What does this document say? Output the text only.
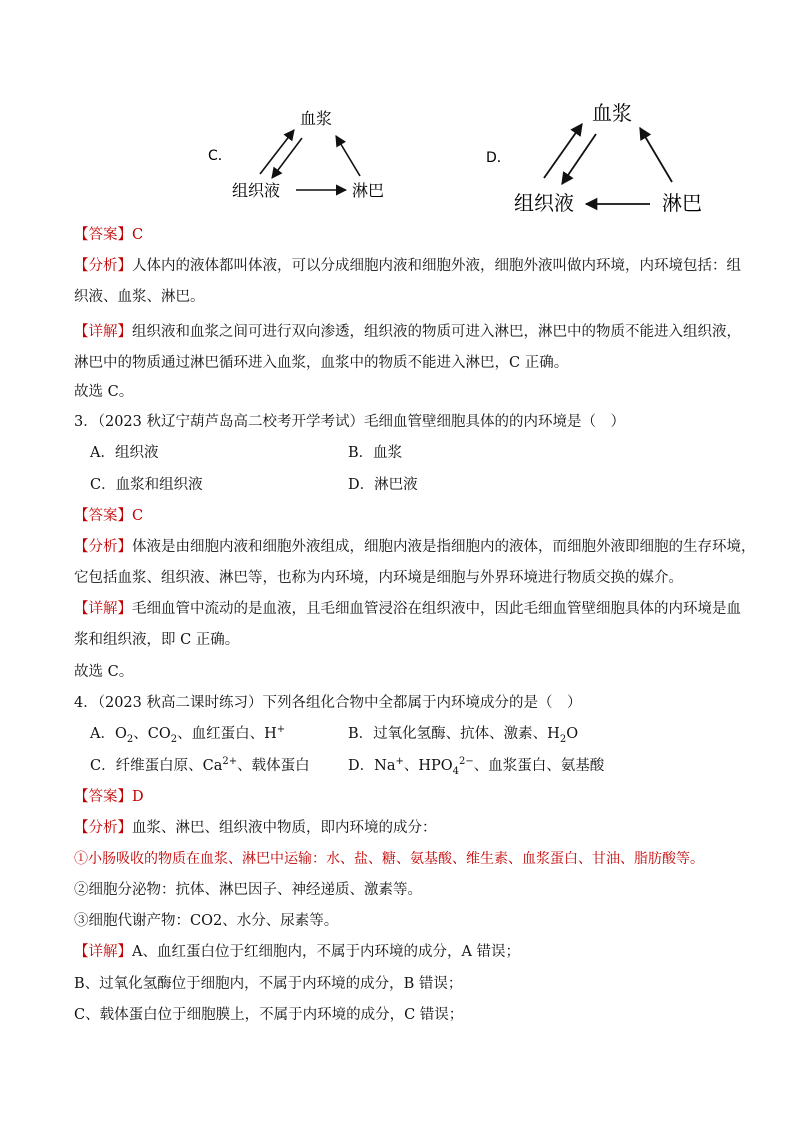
C．
血浆
组织液	淋巴
D．
血浆
组织液	淋巴
【答案】C
【分析】人体内的液体都叫体液，可以分成细胞内液和细胞外液，细胞外液叫做内环境，内环境包括：组
织液、血浆、淋巴。
【详解】组织液和血浆之间可进行双向渗透，组织液的物质可进入淋巴，淋巴中的物质不能进入组织液，
淋巴中的物质通过淋巴循环进入血浆，血浆中的物质不能进入淋巴，C 正确。
故选 C。
3．（2023 秋辽宁葫芦岛高二校考开学考试）毛细血管壁细胞具体的的内环境是（　）
A．组织液	B．血浆
C．血浆和组织液	D．淋巴液
【答案】C
【分析】体液是由细胞内液和细胞外液组成，细胞内液是指细胞内的液体，而细胞外液即细胞的生存环境，
它包括血浆、组织液、淋巴等，也称为内环境，内环境是细胞与外界环境进行物质交换的媒介。
【详解】毛细血管中流动的是血液，且毛细血管浸浴在组织液中，因此毛细血管壁细胞具体的内环境是血
浆和组织液，即 C 正确。
故选 C。
4．（2023 秋高二课时练习）下列各组化合物中全都属于内环境成分的是（　）
A．$O_2$、$CO_2$、血红蛋白、H+	B．过氧化氢酶、抗体、激素、$H_2O$
C．纤维蛋白原、$Ca^{2+}$、载体蛋白	D．Na+、$HPO_4^{2-}$、血浆蛋白、氨基酸
【答案】D
【分析】血浆、淋巴、组织液中物质，即内环境的成分：
①小肠吸收的物质在血浆、淋巴中运输：水、盐、糖、氨基酸、维生素、血浆蛋白、甘油、脂肪酸等。
②细胞分泌物：抗体、淋巴因子、神经递质、激素等。
③细胞代谢产物：CO2、水分、尿素等。
【详解】A、血红蛋白位于红细胞内，不属于内环境的成分，A 错误；
B、过氧化氢酶位于细胞内，不属于内环境的成分，B 错误；
C、载体蛋白位于细胞膜上，不属于内环境的成分，C 错误；
